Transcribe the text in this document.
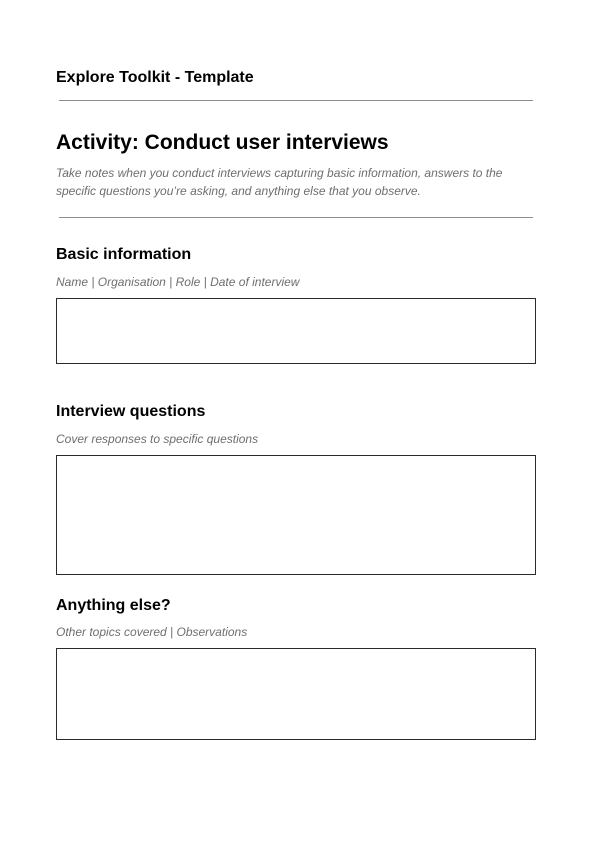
Explore Toolkit - Template
Activity: Conduct user interviews
Take notes when you conduct interviews capturing basic information, answers to the specific questions you’re asking, and anything else that you observe.
Basic information
Name | Organisation | Role | Date of interview
Interview questions
Cover responses to specific questions
Anything else?
Other topics covered | Observations
